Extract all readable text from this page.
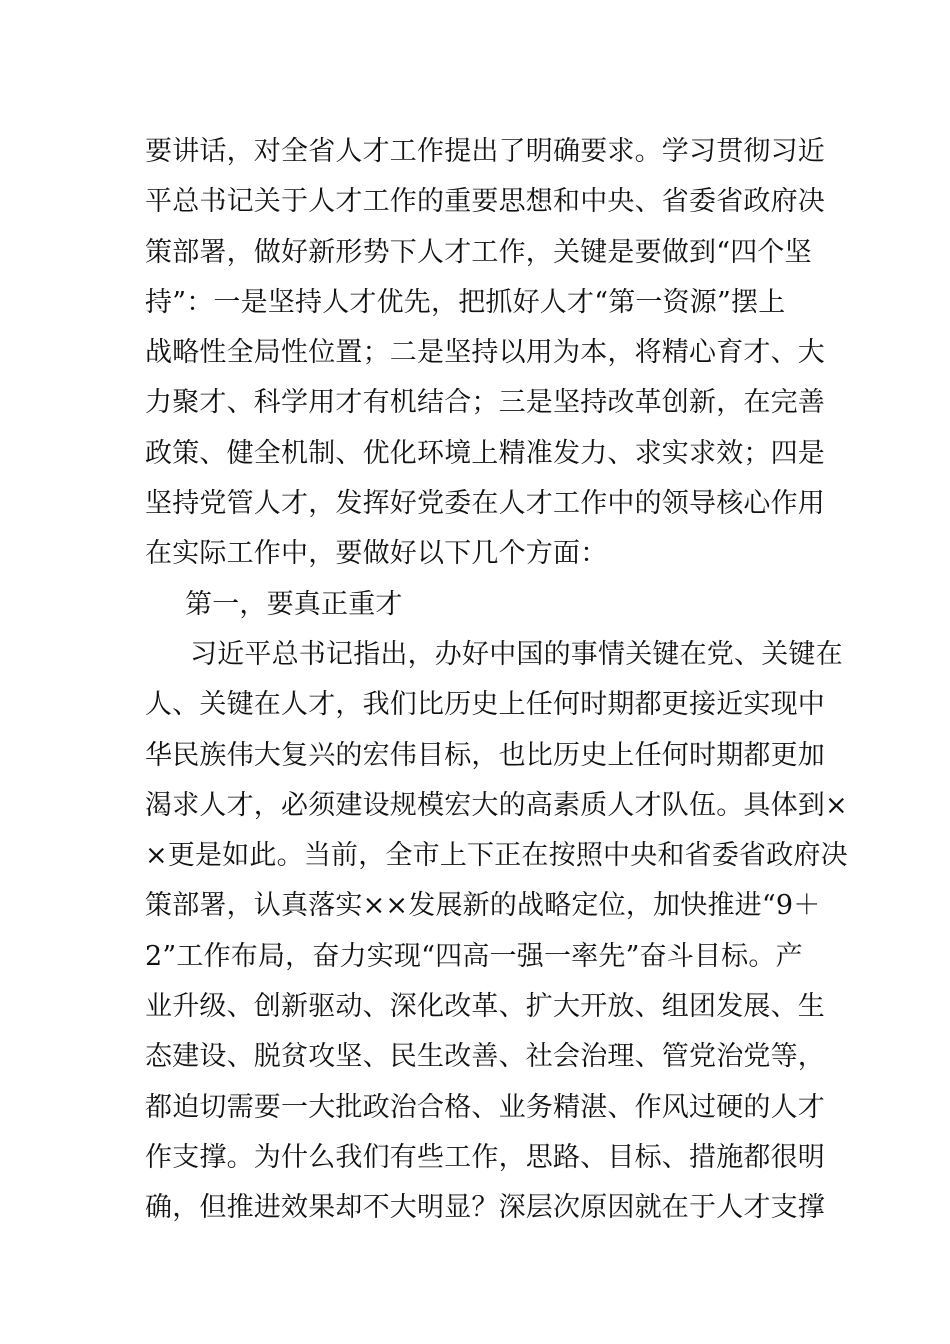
要讲话，对全省人才工作提出了明确要求。学习贯彻习近
平总书记关于人才工作的重要思想和中央、省委省政府决
策部署，做好新形势下人才工作，关键是要做到“四个坚
持”：一是坚持人才优先，把抓好人才“第一资源”摆上
战略性全局性位置；二是坚持以用为本，将精心育才、大
力聚才、科学用才有机结合；三是坚持改革创新，在完善
政策、健全机制、优化环境上精准发力、求实求效；四是
坚持党管人才，发挥好党委在人才工作中的领导核心作用
在实际工作中，要做好以下几个方面：
第一，要真正重才
习近平总书记指出，办好中国的事情关键在党、关键在
人、关键在人才，我们比历史上任何时期都更接近实现中
华民族伟大复兴的宏伟目标，也比历史上任何时期都更加
渴求人才，必须建设规模宏大的高素质人才队伍。具体到×
×更是如此。当前，全市上下正在按照中央和省委省政府决
策部署，认真落实××发展新的战略定位，加快推进“9＋
2”工作布局，奋力实现“四高一强一率先”奋斗目标。产
业升级、创新驱动、深化改革、扩大开放、组团发展、生
态建设、脱贫攻坚、民生改善、社会治理、管党治党等，
都迫切需要一大批政治合格、业务精湛、作风过硬的人才
作支撑。为什么我们有些工作，思路、目标、措施都很明
确，但推进效果却不大明显？深层次原因就在于人才支撑
